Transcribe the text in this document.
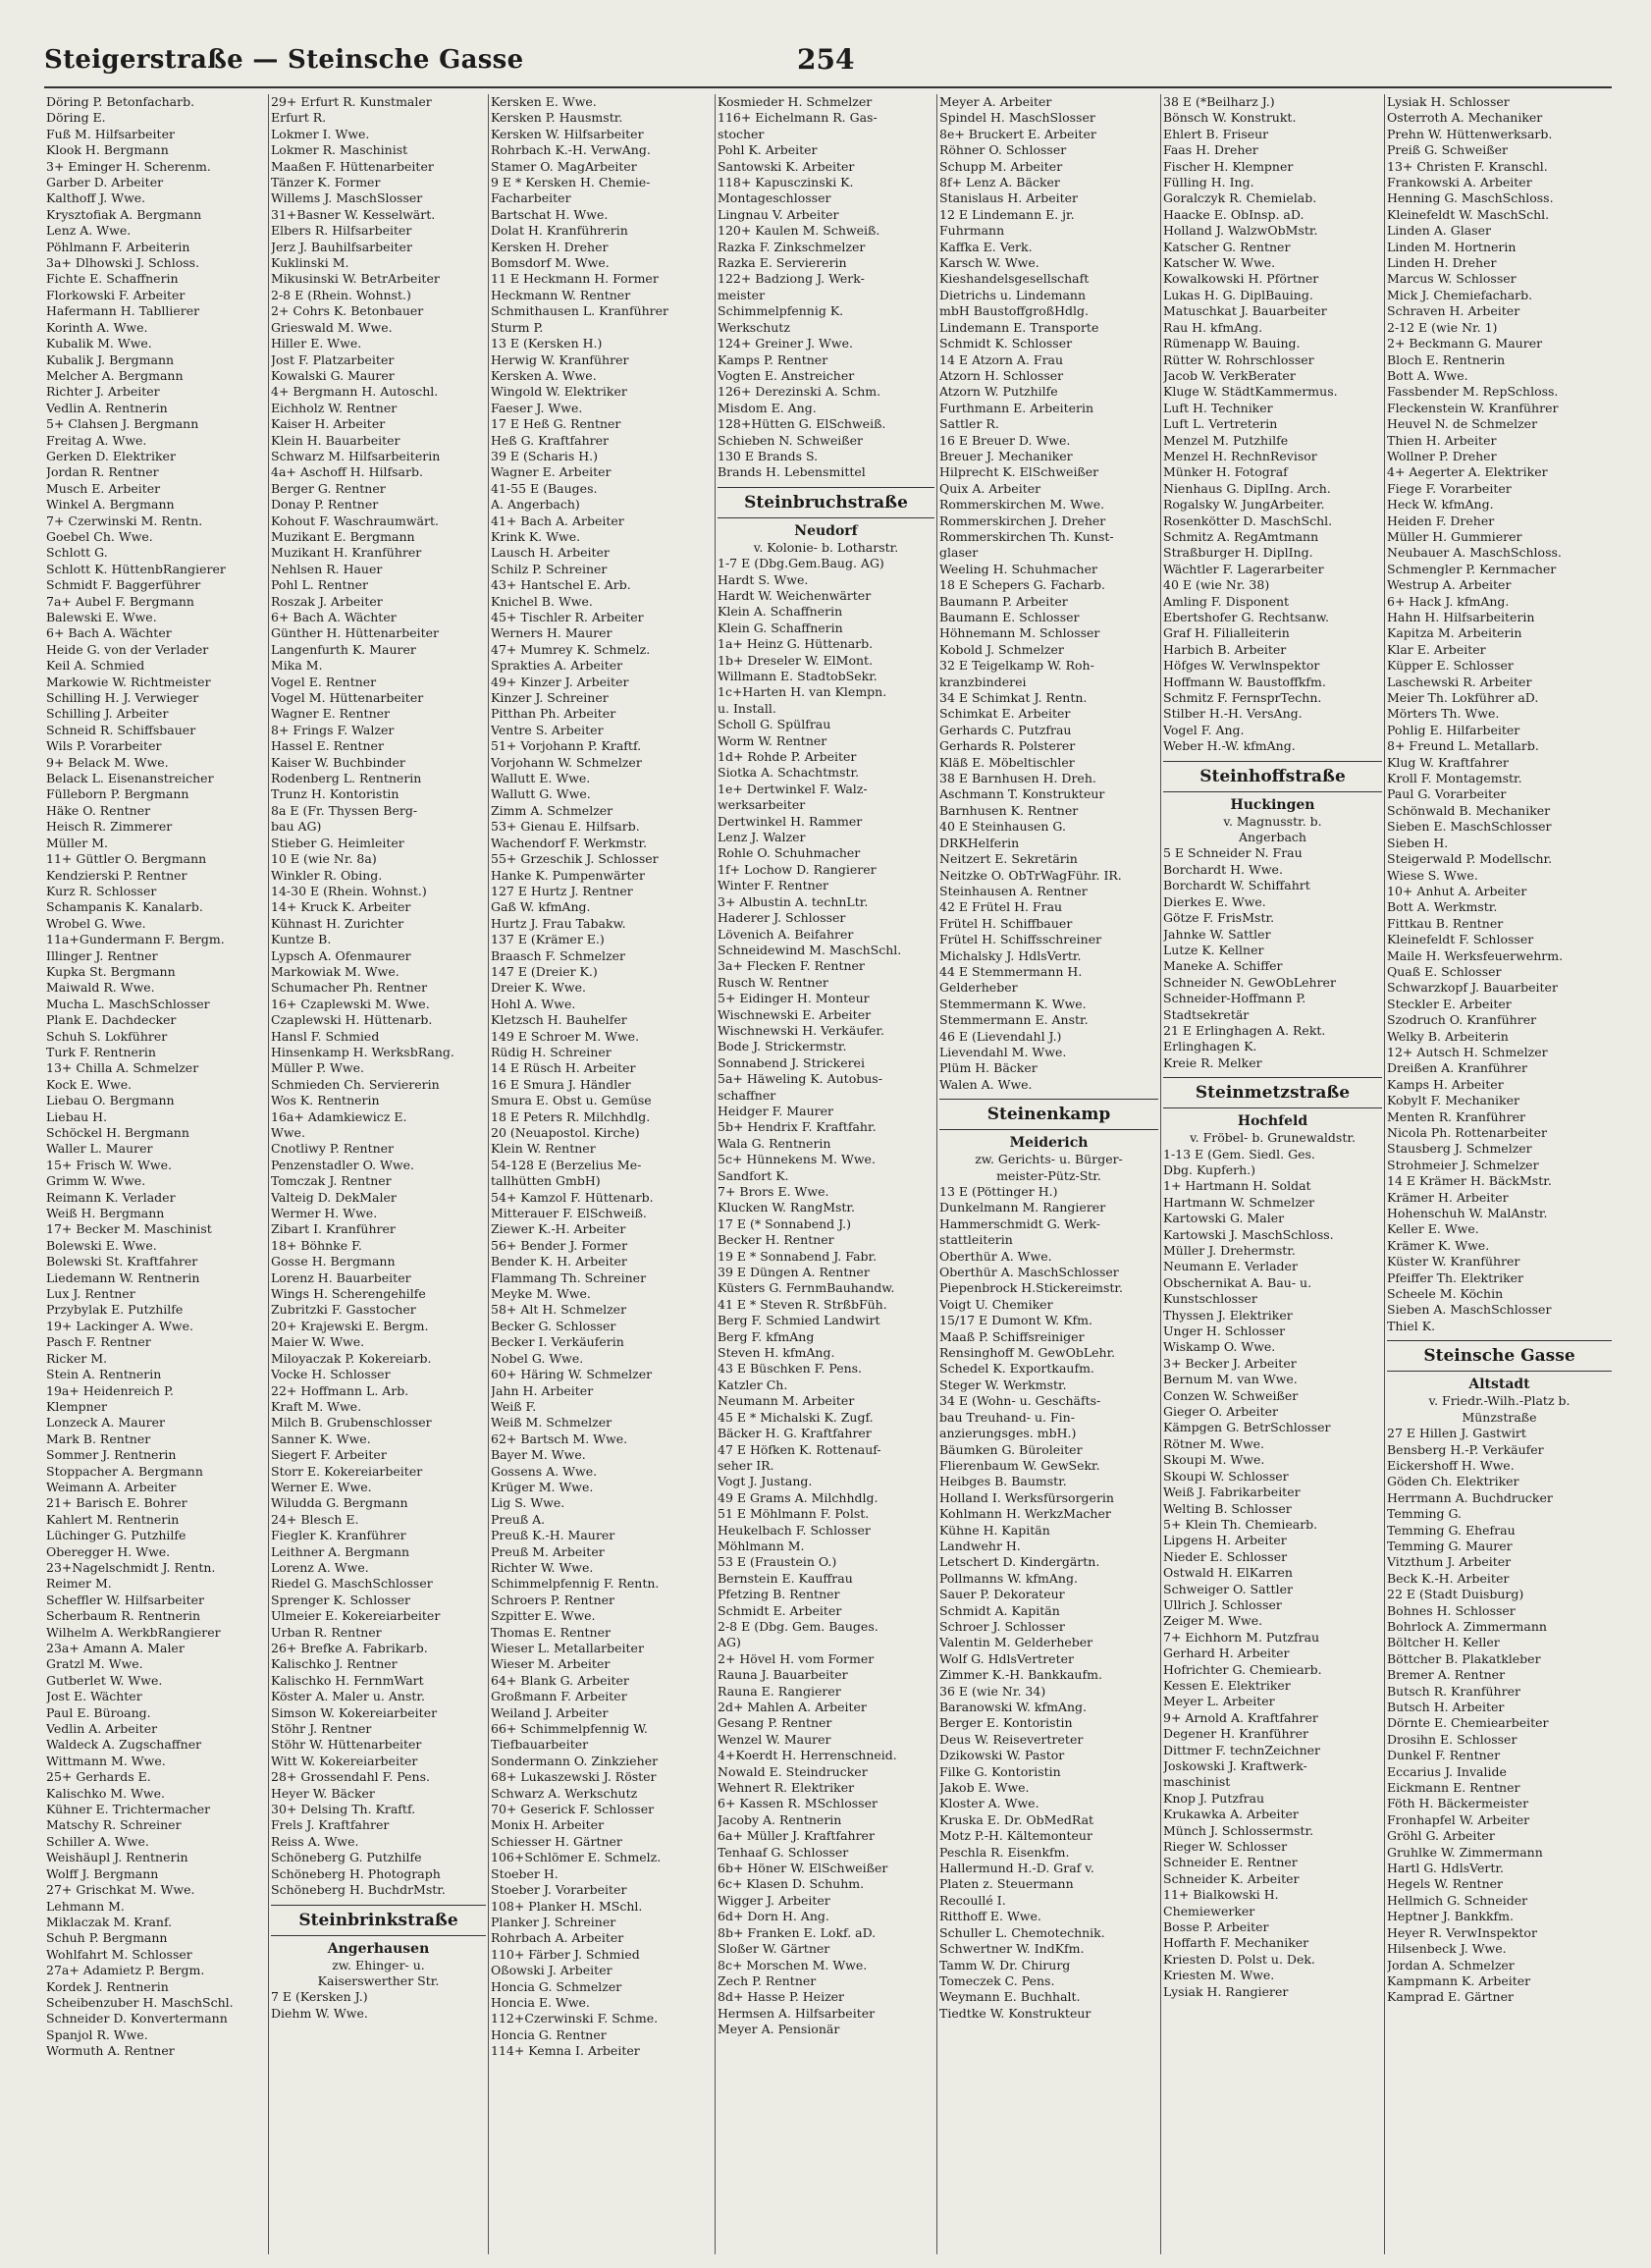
Steigerstraße — Steinsche Gasse	254
Döring P. Betonfacharb.
Döring E.
Fuß M. Hilfsarbeiter
Klook H. Bergmann
3+ Eminger H. Scherenm.
Garber D. Arbeiter
Kalthoff J. Wwe.
Krysztofiak A. Bergmann
Lenz A. Wwe.
Pöhlmann F. Arbeiterin
3a+ Dlhowski J. Schloss.
Fichte E. Schaffnerin
Florkowski F. Arbeiter
Hafermann H. Tabllierer
Korinth A. Wwe.
Kubalik M. Wwe.
Kubalik J. Bergmann
Melcher A. Bergmann
Richter J. Arbeiter
Vedlin A. Rentnerin
5+ Clahsen J. Bergmann
Freitag A. Wwe.
Gerken D. Elektriker
Jordan R. Rentner
Musch E. Arbeiter
Winkel A. Bergmann
7+ Czerwinski M. Rentn.
Goebel Ch. Wwe.
Schlott G.
Schlott K. HüttenbRangierer
Schmidt F. Baggerführer
7a+ Aubel F. Bergmann
Balewski E. Wwe.
6+ Bach A. Wächter
Heide G. von der Verlader
Keil A. Schmied
Markowie W. Richtmeister
Schilling H. J. Verwieger
Schilling J. Arbeiter
Schneid R. Schiffsbauer
Wils P. Vorarbeiter
9+ Belack M. Wwe.
Belack L. Eisenanstreicher
Fülleborn P. Bergmann
Häke O. Rentner
Heisch R. Zimmerer
Müller M.
11+ Güttler O. Bergmann
Kendzierski P. Rentner
Kurz R. Schlosser
Schampanis K. Kanalarb.
Wrobel G. Wwe.
11a+Gundermann F. Bergm.
Illinger J. Rentner
Kupka St. Bergmann
Maiwald R. Wwe.
Mucha L. MaschSchlosser
Plank E. Dachdecker
Schuh S. Lokführer
Turk F. Rentnerin
13+ Chilla A. Schmelzer
Kock E. Wwe.
Liebau O. Bergmann
Liebau H.
Schöckel H. Bergmann
Waller L. Maurer
15+ Frisch W. Wwe.
Grimm W. Wwe.
Reimann K. Verlader
Weiß H. Bergmann
17+ Becker M. Maschinist
Bolewski E. Wwe.
Bolewski St. Kraftfahrer
Liedemann W. Rentnerin
Lux J. Rentner
Przybylak E. Putzhilfe
19+ Lackinger A. Wwe.
Pasch F. Rentner
Ricker M.
Stein A. Rentnerin
19a+ Heidenreich P.
Klempner
Lonzeck A. Maurer
Mark B. Rentner
Sommer J. Rentnerin
Stoppacher A. Bergmann
Weimann A. Arbeiter
21+ Barisch E. Bohrer
Kahlert M. Rentnerin
Lüchinger G. Putzhilfe
Oberegger H. Wwe.
23+Nagelschmidt J. Rentn.
Reimer M.
Scheffler W. Hilfsarbeiter
Scherbaum R. Rentnerin
Wilhelm A. WerkbRangierer
23a+ Amann A. Maler
Gratzl M. Wwe.
Gutberlet W. Wwe.
Jost E. Wächter
Paul E. Büroang.
Vedlin A. Arbeiter
Waldeck A. Zugschaffner
Wittmann M. Wwe.
25+ Gerhards E.
Kalischko M. Wwe.
Kühner E. Trichtermacher
Matschy R. Schreiner
Schiller A. Wwe.
Weishäupl J. Rentnerin
Wolff J. Bergmann
27+ Grischkat M. Wwe.
Lehmann M.
Miklaczak M. Kranf.
Schuh P. Bergmann
Wohlfahrt M. Schlosser
27a+ Adamietz P. Bergm.
Kordek J. Rentnerin
Scheibenzuber H. MaschSchl.
Schneider D. Konvertermann
Spanjol R. Wwe.
Wormuth A. Rentner
29+ Erfurt R. Kunstmaler
Erfurt R.
Lokmer I. Wwe.
Lokmer R. Maschinist
Maaßen F. Hüttenarbeiter
Tänzer K. Former
Willems J. MaschSlosser
31+Basner W. Kesselwärt.
Elbers R. Hilfsarbeiter
Jerz J. Bauhilfsarbeiter
Kuklinski M.
Mikusinski W. BetrArbeiter
2-8 E (Rhein. Wohnst.)
2+ Cohrs K. Betonbauer
Grieswald M. Wwe.
Hiller E. Wwe.
Jost F. Platzarbeiter
Kowalski G. Maurer
4+ Bergmann H. Autoschl.
Eichholz W. Rentner
Kaiser H. Arbeiter
Klein H. Bauarbeiter
Schwarz M. Hilfsarbeiterin
4a+ Aschoff H. Hilfsarb.
Berger G. Rentner
Donay P. Rentner
Kohout F. Waschraumwärt.
Muzikant E. Bergmann
Muzikant H. Kranführer
Nehlsen R. Hauer
Pohl L. Rentner
Roszak J. Arbeiter
6+ Bach A. Wächter
Günther H. Hüttenarbeiter
Langenfurth K. Maurer
Mika M.
Vogel E. Rentner
Vogel M. Hüttenarbeiter
Wagner E. Rentner
8+ Frings F. Walzer
Hassel E. Rentner
Kaiser W. Buchbinder
Rodenberg L. Rentnerin
Trunz H. Kontoristin
8a E (Fr. Thyssen Berg-
bau AG)
Stieber G. Heimleiter
10 E (wie Nr. 8a)
Winkler R. Obing.
14-30 E (Rhein. Wohnst.)
14+ Kruck K. Arbeiter
Kühnast H. Zurichter
Kuntze B.
Lypsch A. Ofenmaurer
Markowiak M. Wwe.
Schumacher Ph. Rentner
16+ Czaplewski M. Wwe.
Czaplewski H. Hüttenarb.
Hansl F. Schmied
Hinsenkamp H. WerksbRang.
Müller P. Wwe.
Schmieden Ch. Serviererin
Wos K. Rentnerin
16a+ Adamkiewicz E.
Wwe.
Cnotliwy P. Rentner
Penzenstadler O. Wwe.
Tomczak J. Rentner
Valteig D. DekMaler
Wermer H. Wwe.
Zibart I. Kranführer
18+ Böhnke F.
Gosse H. Bergmann
Lorenz H. Bauarbeiter
Wings H. Scherengehilfe
Zubritzki F. Gasstocher
20+ Krajewski E. Bergm.
Maier W. Wwe.
Miloyaczak P. Kokereiarb.
Vocke H. Schlosser
22+ Hoffmann L. Arb.
Kraft M. Wwe.
Milch B. Grubenschlosser
Sanner K. Wwe.
Siegert F. Arbeiter
Storr E. Kokereiarbeiter
Werner E. Wwe.
Wiludda G. Bergmann
24+ Blesch E.
Fiegler K. Kranführer
Leithner A. Bergmann
Lorenz A. Wwe.
Riedel G. MaschSchlosser
Sprenger K. Schlosser
Ulmeier E. Kokereiarbeiter
Urban R. Rentner
26+ Brefke A. Fabrikarb.
Kalischko J. Rentner
Kalischko H. FernmWart
Köster A. Maler u. Anstr.
Simson W. Kokereiarbeiter
Stöhr J. Rentner
Stöhr W. Hüttenarbeiter
Witt W. Kokereiarbeiter
28+ Grossendahl F. Pens.
Heyer W. Bäcker
30+ Delsing Th. Kraftf.
Frels J. Kraftfahrer
Reiss A. Wwe.
Schöneberg G. Putzhilfe
Schöneberg H. Photograph
Schöneberg H. BuchdrMstr.
Steinbrinkstraße
Angerhausen
zw. Ehinger- u.
Kaiserswerther Str.
7 E (Kersken J.)
Diehm W. Wwe.
Kersken E. Wwe.
Kersken P. Hausmstr.
Kersken W. Hilfsarbeiter
Rohrbach K.-H. VerwAng.
Stamer O. MagArbeiter
9 E * Kersken H. Chemie-
Facharbeiter
Bartschat H. Wwe.
Dolat H. Kranführerin
Kersken H. Dreher
Bomsdorf M. Wwe.
11 E Heckmann H. Former
Heckmann W. Rentner
Schmithausen L. Kranführer
Sturm P.
13 E (Kersken H.)
Herwig W. Kranführer
Kersken A. Wwe.
Wingold W. Elektriker
Faeser J. Wwe.
17 E Heß G. Rentner
Heß G. Kraftfahrer
39 E (Scharis H.)
Wagner E. Arbeiter
41-55 E (Bauges.
A. Angerbach)
41+ Bach A. Arbeiter
Krink K. Wwe.
Lausch H. Arbeiter
Schilz P. Schreiner
43+ Hantschel E. Arb.
Knichel B. Wwe.
45+ Tischler R. Arbeiter
Werners H. Maurer
47+ Mumrey K. Schmelz.
Sprakties A. Arbeiter
49+ Kinzer J. Arbeiter
Kinzer J. Schreiner
Pitthan Ph. Arbeiter
Ventre S. Arbeiter
51+ Vorjohann P. Kraftf.
Vorjohann W. Schmelzer
Wallutt E. Wwe.
Wallutt G. Wwe.
Zimm A. Schmelzer
53+ Gienau E. Hilfsarb.
Wachendorf F. Werkmstr.
55+ Grzeschik J. Schlosser
Hanke K. Pumpenwärter
127 E Hurtz J. Rentner
Gaß W. kfmAng.
Hurtz J. Frau Tabakw.
137 E (Krämer E.)
Braasch F. Schmelzer
147 E (Dreier K.)
Dreier K. Wwe.
Hohl A. Wwe.
Kletzsch H. Bauhelfer
149 E Schroer M. Wwe.
Rüdig H. Schreiner
14 E Rüsch H. Arbeiter
16 E Smura J. Händler
Smura E. Obst u. Gemüse
18 E Peters R. Milchhdlg.
20 (Neuapostol. Kirche)
Klein W. Rentner
54-128 E (Berzelius Me-
tallhütten GmbH)
54+ Kamzol F. Hüttenarb.
Mitterauer F. ElSchweiß.
Ziewer K.-H. Arbeiter
56+ Bender J. Former
Bender K. H. Arbeiter
Flammang Th. Schreiner
Meyke M. Wwe.
58+ Alt H. Schmelzer
Becker G. Schlosser
Becker I. Verkäuferin
Nobel G. Wwe.
60+ Häring W. Schmelzer
Jahn H. Arbeiter
Weiß F.
Weiß M. Schmelzer
62+ Bartsch M. Wwe.
Bayer M. Wwe.
Gossens A. Wwe.
Krüger M. Wwe.
Lig S. Wwe.
Preuß A.
Preuß K.-H. Maurer
Preuß M. Arbeiter
Richter W. Wwe.
Schimmelpfennig F. Rentn.
Schroers P. Rentner
Szpitter E. Wwe.
Thomas E. Rentner
Wieser L. Metallarbeiter
Wieser M. Arbeiter
64+ Blank G. Arbeiter
Großmann F. Arbeiter
Weiland J. Arbeiter
66+ Schimmelpfennig W.
Tiefbauarbeiter
Sondermann O. Zinkzieher
68+ Lukaszewski J. Röster
Schwarz A. Werkschutz
70+ Geserick F. Schlosser
Monix H. Arbeiter
Schiesser H. Gärtner
106+Schlömer E. Schmelz.
Stoeber H.
Stoeber J. Vorarbeiter
108+ Planker H. MSchl.
Planker J. Schreiner
Rohrbach A. Arbeiter
110+ Färber J. Schmied
Oßowski J. Arbeiter
Honcia G. Schmelzer
Honcia E. Wwe.
112+Czerwinski F. Schme.
Honcia G. Rentner
114+ Kemna I. Arbeiter
Kosmieder H. Schmelzer
116+ Eichelmann R. Gas-
stocher
Pohl K. Arbeiter
Santowski K. Arbeiter
118+ Kapusczinski K.
Montageschlosser
Lingnau V. Arbeiter
120+ Kaulen M. Schweiß.
Razka F. Zinkschmelzer
Razka E. Serviererin
122+ Badziong J. Werk-
meister
Schimmelpfennig K.
Werkschutz
124+ Greiner J. Wwe.
Kamps P. Rentner
Vogten E. Anstreicher
126+ Derezinski A. Schm.
Misdom E. Ang.
128+Hütten G. ElSchweiß.
Schieben N. Schweißer
130 E Brands S.
Brands H. Lebensmittel
Steinbruchstraße
Neudorf
v. Kolonie- b. Lotharstr.
1-7 E (Dbg.Gem.Baug. AG)
Hardt S. Wwe.
Hardt W. Weichenwärter
Klein A. Schaffnerin
Klein G. Schaffnerin
1a+ Heinz G. Hüttenarb.
1b+ Dreseler W. ElMont.
Willmann E. StadtobSekr.
1c+Harten H. van Klempn.
u. Install.
Scholl G. Spülfrau
Worm W. Rentner
1d+ Rohde P. Arbeiter
Siotka A. Schachtmstr.
1e+ Dertwinkel F. Walz-
werksarbeiter
Dertwinkel H. Rammer
Lenz J. Walzer
Rohle O. Schuhmacher
1f+ Lochow D. Rangierer
Winter F. Rentner
3+ Albustin A. technLtr.
Haderer J. Schlosser
Lövenich A. Beifahrer
Schneidewind M. MaschSchl.
3a+ Flecken F. Rentner
Rusch W. Rentner
5+ Eidinger H. Monteur
Wischnewski E. Arbeiter
Wischnewski H. Verkäufer.
Bode J. Strickermstr.
Sonnabend J. Strickerei
5a+ Häweling K. Autobus-
schaffner
Heidger F. Maurer
5b+ Hendrix F. Kraftfahr.
Wala G. Rentnerin
5c+ Hünnekens M. Wwe.
Sandfort K.
7+ Brors E. Wwe.
Klucken W. RangMstr.
17 E (* Sonnabend J.)
Becker H. Rentner
19 E * Sonnabend J. Fabr.
39 E Düngen A. Rentner
Küsters G. FernmBauhandw.
41 E * Steven R. StrßbFüh.
Berg F. Schmied Landwirt
Berg F. kfmAng
Steven H. kfmAng.
43 E Büschken F. Pens.
Katzler Ch.
Neumann M. Arbeiter
45 E * Michalski K. Zugf.
Bäcker H. G. Kraftfahrer
47 E Höfken K. Rottenauf-
seher IR.
Vogt J. Justang.
49 E Grams A. Milchhdlg.
51 E Möhlmann F. Polst.
Heukelbach F. Schlosser
Möhlmann M.
53 E (Fraustein O.)
Bernstein E. Kauffrau
Pfetzing B. Rentner
Schmidt E. Arbeiter
2-8 E (Dbg. Gem. Bauges.
AG)
2+ Hövel H. vom Former
Rauna J. Bauarbeiter
Rauna E. Rangierer
2d+ Mahlen A. Arbeiter
Gesang P. Rentner
Wenzel W. Maurer
4+Koerdt H. Herrenschneid.
Nowald E. Steindrucker
Wehnert R. Elektriker
6+ Kassen R. MSchlosser
Jacoby A. Rentnerin
6a+ Müller J. Kraftfahrer
Tenhaaf G. Schlosser
6b+ Höner W. ElSchweißer
6c+ Klasen D. Schuhm.
Wigger J. Arbeiter
6d+ Dorn H. Ang.
8b+ Franken E. Lokf. aD.
Sloßer W. Gärtner
8c+ Morschen M. Wwe.
Zech P. Rentner
8d+ Hasse P. Heizer
Hermsen A. Hilfsarbeiter
Meyer A. Pensionär
Meyer A. Arbeiter
Spindel H. MaschSlosser
8e+ Bruckert E. Arbeiter
Röhner O. Schlosser
Schupp M. Arbeiter
8f+ Lenz A. Bäcker
Stanislaus H. Arbeiter
12 E Lindemann E. jr.
Fuhrmann
Kaffka E. Verk.
Karsch W. Wwe.
Kieshandelsgesellschaft
Dietrichs u. Lindemann
mbH BaustoffgroßHdlg.
Lindemann E. Transporte
Schmidt K. Schlosser
14 E Atzorn A. Frau
Atzorn H. Schlosser
Atzorn W. Putzhilfe
Furthmann E. Arbeiterin
Sattler R.
16 E Breuer D. Wwe.
Breuer J. Mechaniker
Hilprecht K. ElSchweißer
Quix A. Arbeiter
Rommerskirchen M. Wwe.
Rommerskirchen J. Dreher
Rommerskirchen Th. Kunst-
glaser
Weeling H. Schuhmacher
18 E Schepers G. Facharb.
Baumann P. Arbeiter
Baumann E. Schlosser
Höhnemann M. Schlosser
Kobold J. Schmelzer
32 E Teigelkamp W. Roh-
kranzbinderei
34 E Schimkat J. Rentn.
Schimkat E. Arbeiter
Gerhards C. Putzfrau
Gerhards R. Polsterer
Kläß E. Möbeltischler
38 E Barnhusen H. Dreh.
Aschmann T. Konstrukteur
Barnhusen K. Rentner
40 E Steinhausen G.
DRKHelferin
Neitzert E. Sekretärin
Neitzke O. ObTrWagFühr. IR.
Steinhausen A. Rentner
42 E Frütel H. Frau
Frütel H. Schiffbauer
Frütel H. Schiffsschreiner
Michalsky J. HdlsVertr.
44 E Stemmermann H.
Gelderheber
Stemmermann K. Wwe.
Stemmermann E. Anstr.
46 E (Lievendahl J.)
Lievendahl M. Wwe.
Plüm H. Bäcker
Walen A. Wwe.
Steinenkamp
Meiderich
zw. Gerichts- u. Bürger-
meister-Pütz-Str.
13 E (Pöttinger H.)
Dunkelmann M. Rangierer
Hammerschmidt G. Werk-
stattleiterin
Oberthür A. Wwe.
Oberthür A. MaschSchlosser
Piepenbrock H.Stickereimstr.
Voigt U. Chemiker
15/17 E Dumont W. Kfm.
Maaß P. Schiffsreiniger
Rensinghoff M. GewObLehr.
Schedel K. Exportkaufm.
Steger W. Werkmstr.
34 E (Wohn- u. Geschäfts-
bau Treuhand- u. Fin-
anzierungsges. mbH.)
Bäumken G. Büroleiter
Flierenbaum W. GewSekr.
Heibges B. Baumstr.
Holland I. Werksfürsorgerin
Kohlmann H. WerkzMacher
Kühne H. Kapitän
Landwehr H.
Letschert D. Kindergärtn.
Pollmanns W. kfmAng.
Sauer P. Dekorateur
Schmidt A. Kapitän
Schroer J. Schlosser
Valentin M. Gelderheber
Wolf G. HdlsVertreter
Zimmer K.-H. Bankkaufm.
36 E (wie Nr. 34)
Baranowski W. kfmAng.
Berger E. Kontoristin
Deus W. Reisevertreter
Dzikowski W. Pastor
Filke G. Kontoristin
Jakob E. Wwe.
Kloster A. Wwe.
Kruska E. Dr. ObMedRat
Motz P.-H. Kältemonteur
Peschla R. Eisenkfm.
Hallermund H.-D. Graf v.
Platen z. Steuermann
Recoullé I.
Ritthoff E. Wwe.
Schuller L. Chemotechnik.
Schwertner W. IndKfm.
Tamm W. Dr. Chirurg
Tomeczek C. Pens.
Weymann E. Buchhalt.
Tiedtke W. Konstrukteur
38 E (*Beilharz J.)
Bönsch W. Konstrukt.
Ehlert B. Friseur
Faas H. Dreher
Fischer H. Klempner
Fülling H. Ing.
Goralczyk R. Chemielab.
Haacke E. ObInsp. aD.
Holland J. WalzwObMstr.
Katscher G. Rentner
Katscher W. Wwe.
Kowalkowski H. Pförtner
Lukas H. G. DiplBauing.
Matuschkat J. Bauarbeiter
Rau H. kfmAng.
Rümenapp W. Bauing.
Rütter W. Rohrschlosser
Jacob W. VerkBerater
Kluge W. StädtKammermus.
Luft H. Techniker
Luft L. Vertreterin
Menzel M. Putzhilfe
Menzel H. RechnRevisor
Münker H. Fotograf
Nienhaus G. DiplIng. Arch.
Rogalsky W. JungArbeiter.
Rosenkötter D. MaschSchl.
Schmitz A. RegAmtmann
Straßburger H. DiplIng.
Wächtler F. Lagerarbeiter
40 E (wie Nr. 38)
Amling F. Disponent
Ebertshofer G. Rechtsanw.
Graf H. Filialleiterin
Harbich B. Arbeiter
Höfges W. Verwlnspektor
Hoffmann W. Baustoffkfm.
Schmitz F. FernsprTechn.
Stilber H.-H. VersAng.
Vogel F. Ang.
Weber H.-W. kfmAng.
Steinhoffstraße
Huckingen
v. Magnusstr. b.
Angerbach
5 E Schneider N. Frau
Borchardt H. Wwe.
Borchardt W. Schiffahrt
Dierkes E. Wwe.
Götze F. FrisMstr.
Jahnke W. Sattler
Lutze K. Kellner
Maneke A. Schiffer
Schneider N. GewObLehrer
Schneider-Hoffmann P.
Stadtsekretär
21 E Erlinghagen A. Rekt.
Erlinghagen K.
Kreie R. Melker
Steinmetzstraße
Hochfeld
v. Fröbel- b. Grunewaldstr.
1-13 E (Gem. Siedl. Ges.
Dbg. Kupferh.)
1+ Hartmann H. Soldat
Hartmann W. Schmelzer
Kartowski G. Maler
Kartowski J. MaschSchloss.
Müller J. Drehermstr.
Neumann E. Verlader
Obschernikat A. Bau- u.
Kunstschlosser
Thyssen J. Elektriker
Unger H. Schlosser
Wiskamp O. Wwe.
3+ Becker J. Arbeiter
Bernum M. van Wwe.
Conzen W. Schweißer
Gieger O. Arbeiter
Kämpgen G. BetrSchlosser
Rötner M. Wwe.
Skoupi M. Wwe.
Skoupi W. Schlosser
Weiß J. Fabrikarbeiter
Welting B. Schlosser
5+ Klein Th. Chemiearb.
Lipgens H. Arbeiter
Nieder E. Schlosser
Ostwald H. ElKarren
Schweiger O. Sattler
Ullrich J. Schlosser
Zeiger M. Wwe.
7+ Eichhorn M. Putzfrau
Gerhard H. Arbeiter
Hofrichter G. Chemiearb.
Kessen E. Elektriker
Meyer L. Arbeiter
9+ Arnold A. Kraftfahrer
Degener H. Kranführer
Dittmer F. technZeichner
Joskowski J. Kraftwerk-
maschinist
Knop J. Putzfrau
Krukawka A. Arbeiter
Münch J. Schlossermstr.
Rieger W. Schlosser
Schneider E. Rentner
Schneider K. Arbeiter
11+ Bialkowski H.
Chemiewerker
Bosse P. Arbeiter
Hoffarth F. Mechaniker
Kriesten D. Polst u. Dek.
Kriesten M. Wwe.
Lysiak H. Rangierer
Lysiak H. Schlosser
Osterroth A. Mechaniker
Prehn W. Hüttenwerksarb.
Preiß G. Schweißer
13+ Christen F. Kranschl.
Frankowski A. Arbeiter
Henning G. MaschSchloss.
Kleinefeldt W. MaschSchl.
Linden A. Glaser
Linden M. Hortnerin
Linden H. Dreher
Marcus W. Schlosser
Mick J. Chemiefacharb.
Schraven H. Arbeiter
2-12 E (wie Nr. 1)
2+ Beckmann G. Maurer
Bloch E. Rentnerin
Bott A. Wwe.
Fassbender M. RepSchloss.
Fleckenstein W. Kranführer
Heuvel N. de Schmelzer
Thien H. Arbeiter
Wollner P. Dreher
4+ Aegerter A. Elektriker
Fiege F. Vorarbeiter
Heck W. kfmAng.
Heiden F. Dreher
Müller H. Gummierer
Neubauer A. MaschSchloss.
Schmengler P. Kernmacher
Westrup A. Arbeiter
6+ Hack J. kfmAng.
Hahn H. Hilfsarbeiterin
Kapitza M. Arbeiterin
Klar E. Arbeiter
Küpper E. Schlosser
Laschewski R. Arbeiter
Meier Th. Lokführer aD.
Mörters Th. Wwe.
Pohlig E. Hilfarbeiter
8+ Freund L. Metallarb.
Klug W. Kraftfahrer
Kroll F. Montagemstr.
Paul G. Vorarbeiter
Schönwald B. Mechaniker
Sieben E. MaschSchlosser
Sieben H.
Steigerwald P. Modellschr.
Wiese S. Wwe.
10+ Anhut A. Arbeiter
Bott A. Werkmstr.
Fittkau B. Rentner
Kleinefeldt F. Schlosser
Maile H. Werksfeuerwehrm.
Quaß E. Schlosser
Schwarzkopf J. Bauarbeiter
Steckler E. Arbeiter
Szodruch O. Kranführer
Welky B. Arbeiterin
12+ Autsch H. Schmelzer
Dreißen A. Kranführer
Kamps H. Arbeiter
Kobylt F. Mechaniker
Menten R. Kranführer
Nicola Ph. Rottenarbeiter
Stausberg J. Schmelzer
Strohmeier J. Schmelzer
14 E Krämer H. BäckMstr.
Krämer H. Arbeiter
Hohenschuh W. MalAnstr.
Keller E. Wwe.
Krämer K. Wwe.
Küster W. Kranführer
Pfeiffer Th. Elektriker
Scheele M. Köchin
Sieben A. MaschSchlosser
Thiel K.
Steinsche Gasse
Altstadt
v. Friedr.-Wilh.-Platz b.
Münzstraße
27 E Hillen J. Gastwirt
Bensberg H.-P. Verkäufer
Eickershoff H. Wwe.
Göden Ch. Elektriker
Herrmann A. Buchdrucker
Temming G.
Temming G. Ehefrau
Temming G. Maurer
Vitzthum J. Arbeiter
Beck K.-H. Arbeiter
22 E (Stadt Duisburg)
Bohnes H. Schlosser
Bohrlock A. Zimmermann
Böltcher H. Keller
Böttcher B. Plakatkleber
Bremer A. Rentner
Butsch R. Kranführer
Butsch H. Arbeiter
Dörnte E. Chemiearbeiter
Drosihn E. Schlosser
Dunkel F. Rentner
Eccarius J. Invalide
Eickmann E. Rentner
Föth H. Bäckermeister
Fronhapfel W. Arbeiter
Gröhl G. Arbeiter
Gruhlke W. Zimmermann
Hartl G. HdlsVertr.
Hegels W. Rentner
Hellmich G. Schneider
Heptner J. Bankkfm.
Heyer R. VerwInspektor
Hilsenbeck J. Wwe.
Jordan A. Schmelzer
Kampmann K. Arbeiter
Kamprad E. Gärtner
